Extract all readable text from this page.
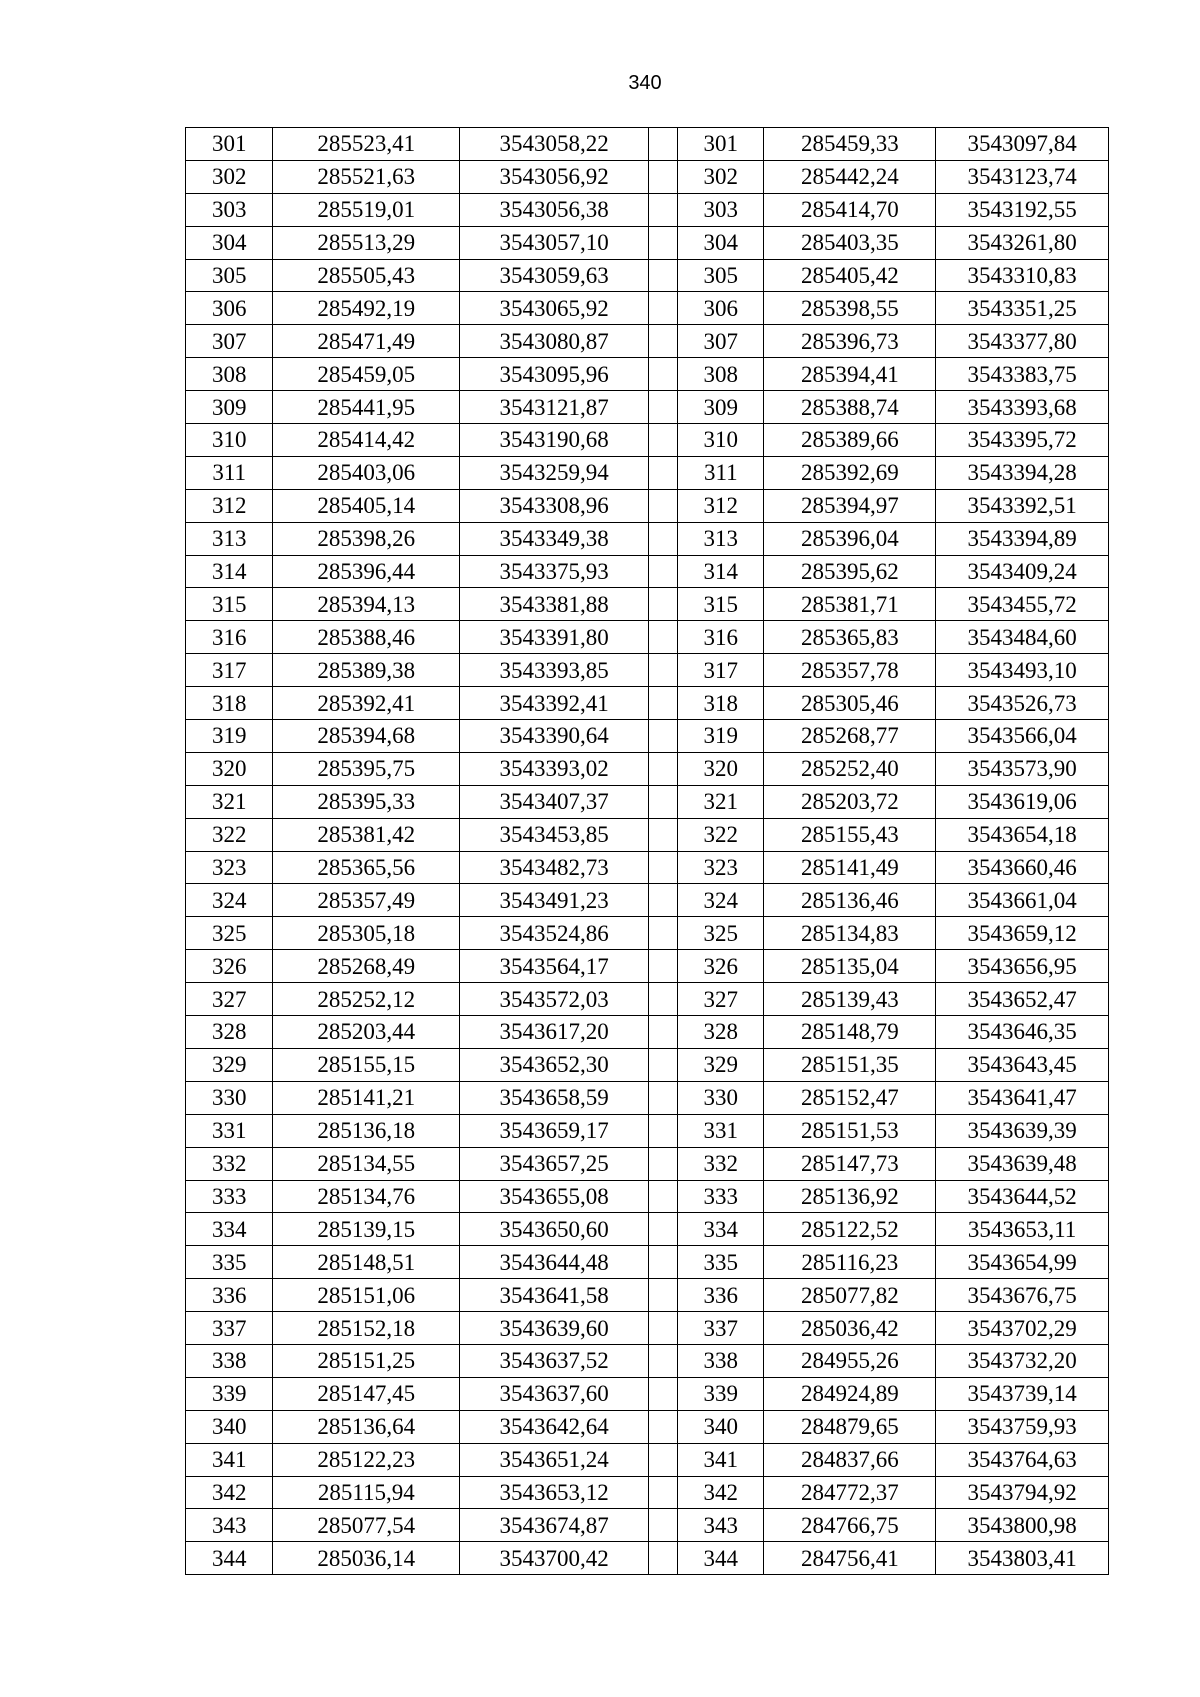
340
301	285523,41	3543058,22		301	285459,33	3543097,84
302	285521,63	3543056,92		302	285442,24	3543123,74
303	285519,01	3543056,38		303	285414,70	3543192,55
304	285513,29	3543057,10		304	285403,35	3543261,80
305	285505,43	3543059,63		305	285405,42	3543310,83
306	285492,19	3543065,92		306	285398,55	3543351,25
307	285471,49	3543080,87		307	285396,73	3543377,80
308	285459,05	3543095,96		308	285394,41	3543383,75
309	285441,95	3543121,87		309	285388,74	3543393,68
310	285414,42	3543190,68		310	285389,66	3543395,72
311	285403,06	3543259,94		311	285392,69	3543394,28
312	285405,14	3543308,96		312	285394,97	3543392,51
313	285398,26	3543349,38		313	285396,04	3543394,89
314	285396,44	3543375,93		314	285395,62	3543409,24
315	285394,13	3543381,88		315	285381,71	3543455,72
316	285388,46	3543391,80		316	285365,83	3543484,60
317	285389,38	3543393,85		317	285357,78	3543493,10
318	285392,41	3543392,41		318	285305,46	3543526,73
319	285394,68	3543390,64		319	285268,77	3543566,04
320	285395,75	3543393,02		320	285252,40	3543573,90
321	285395,33	3543407,37		321	285203,72	3543619,06
322	285381,42	3543453,85		322	285155,43	3543654,18
323	285365,56	3543482,73		323	285141,49	3543660,46
324	285357,49	3543491,23		324	285136,46	3543661,04
325	285305,18	3543524,86		325	285134,83	3543659,12
326	285268,49	3543564,17		326	285135,04	3543656,95
327	285252,12	3543572,03		327	285139,43	3543652,47
328	285203,44	3543617,20		328	285148,79	3543646,35
329	285155,15	3543652,30		329	285151,35	3543643,45
330	285141,21	3543658,59		330	285152,47	3543641,47
331	285136,18	3543659,17		331	285151,53	3543639,39
332	285134,55	3543657,25		332	285147,73	3543639,48
333	285134,76	3543655,08		333	285136,92	3543644,52
334	285139,15	3543650,60		334	285122,52	3543653,11
335	285148,51	3543644,48		335	285116,23	3543654,99
336	285151,06	3543641,58		336	285077,82	3543676,75
337	285152,18	3543639,60		337	285036,42	3543702,29
338	285151,25	3543637,52		338	284955,26	3543732,20
339	285147,45	3543637,60		339	284924,89	3543739,14
340	285136,64	3543642,64		340	284879,65	3543759,93
341	285122,23	3543651,24		341	284837,66	3543764,63
342	285115,94	3543653,12		342	284772,37	3543794,92
343	285077,54	3543674,87		343	284766,75	3543800,98
344	285036,14	3543700,42		344	284756,41	3543803,41
